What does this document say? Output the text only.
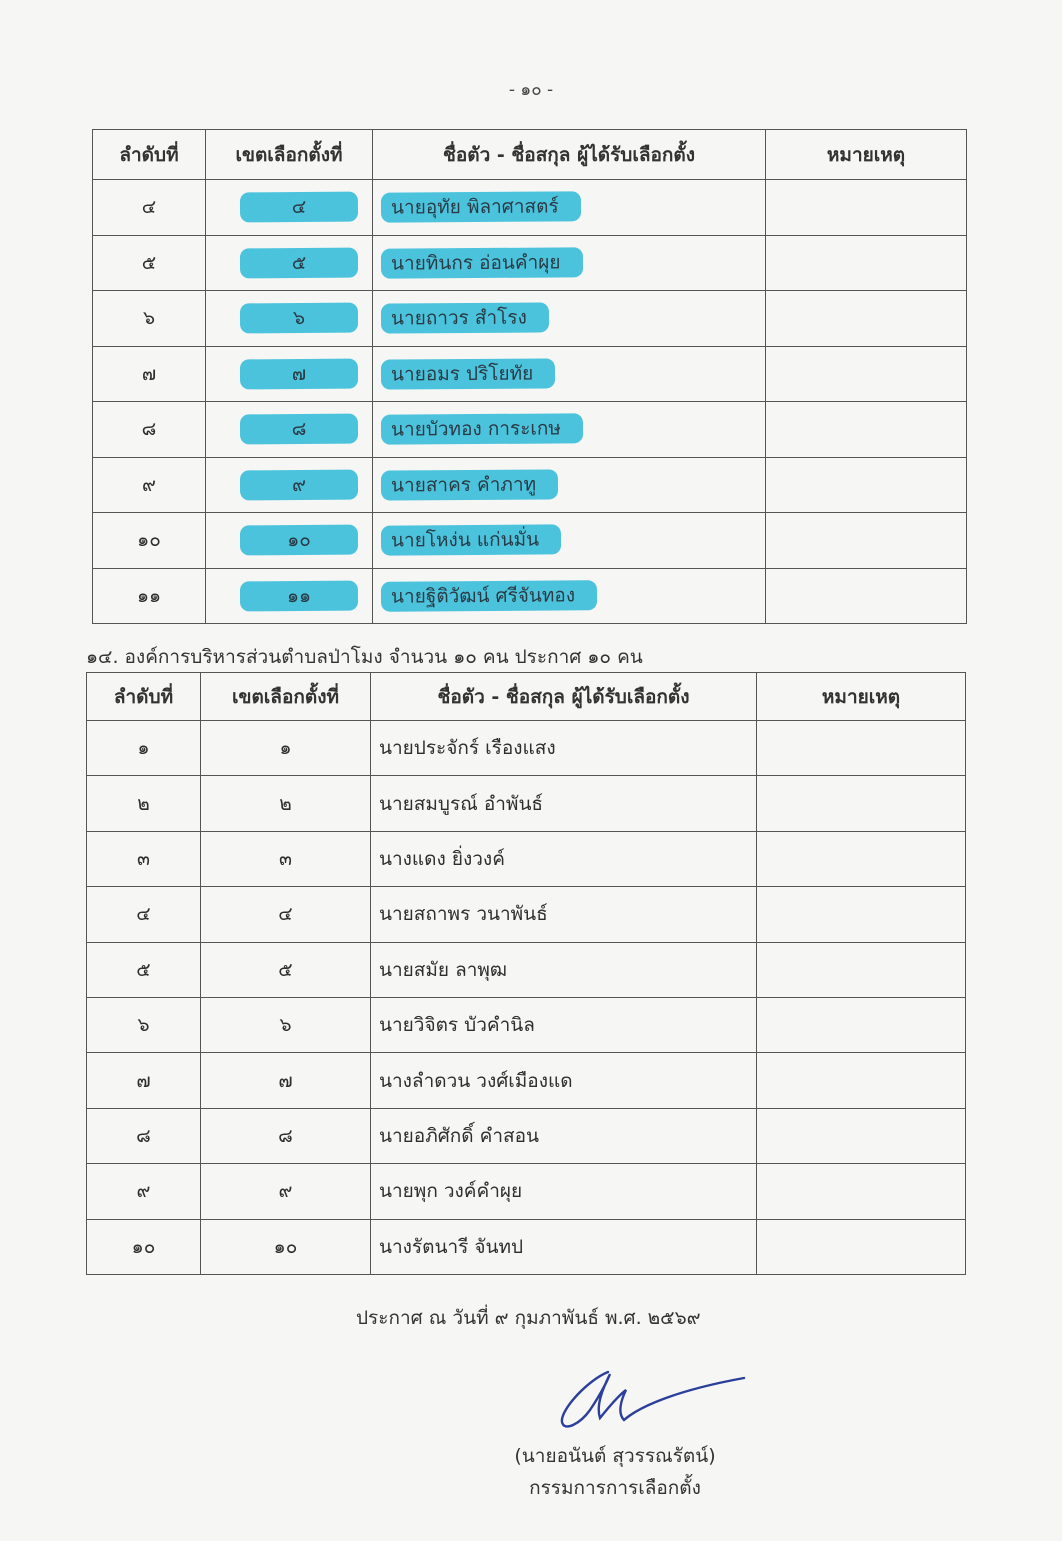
- ๑๐ -
ลำดับที่	เขตเลือกตั้งที่	ชื่อตัว - ชื่อสกุล ผู้ได้รับเลือกตั้ง	หมายเหตุ
๔	๔	นายอุทัย พิลาศาสตร์	
๕	๕	นายทินกร อ่อนคำผุย	
๖	๖	นายถาวร สำโรง	
๗	๗	นายอมร ปริโยทัย	
๘	๘	นายบัวทอง การะเกษ	
๙	๙	นายสาคร คำภาทู	
๑๐	๑๐	นายโหง่น แก่นมั่น	
๑๑	๑๑	นายฐิติวัฒน์ ศรีจันทอง	
๑๔. องค์การบริหารส่วนตำบลป่าโมง จำนวน ๑๐ คน ประกาศ ๑๐ คน
ลำดับที่	เขตเลือกตั้งที่	ชื่อตัว - ชื่อสกุล ผู้ได้รับเลือกตั้ง	หมายเหตุ
๑	๑	นายประจักร์ เรืองแสง	
๒	๒	นายสมบูรณ์ อำพันธ์	
๓	๓	นางแดง ยิ่งวงค์	
๔	๔	นายสถาพร วนาพันธ์	
๕	๕	นายสมัย ลาพุฒ	
๖	๖	นายวิจิตร บัวคำนิล	
๗	๗	นางลำดวน วงศ์เมืองแด	
๘	๘	นายอภิศักดิ์ คำสอน	
๙	๙	นายพุก วงค์คำผุย	
๑๐	๑๐	นางรัตนารี จันทป	
ประกาศ ณ วันที่ ๙ กุมภาพันธ์ พ.ศ. ๒๕๖๙
(นายอนันต์ สุวรรณรัตน์)
กรรมการการเลือกตั้ง
